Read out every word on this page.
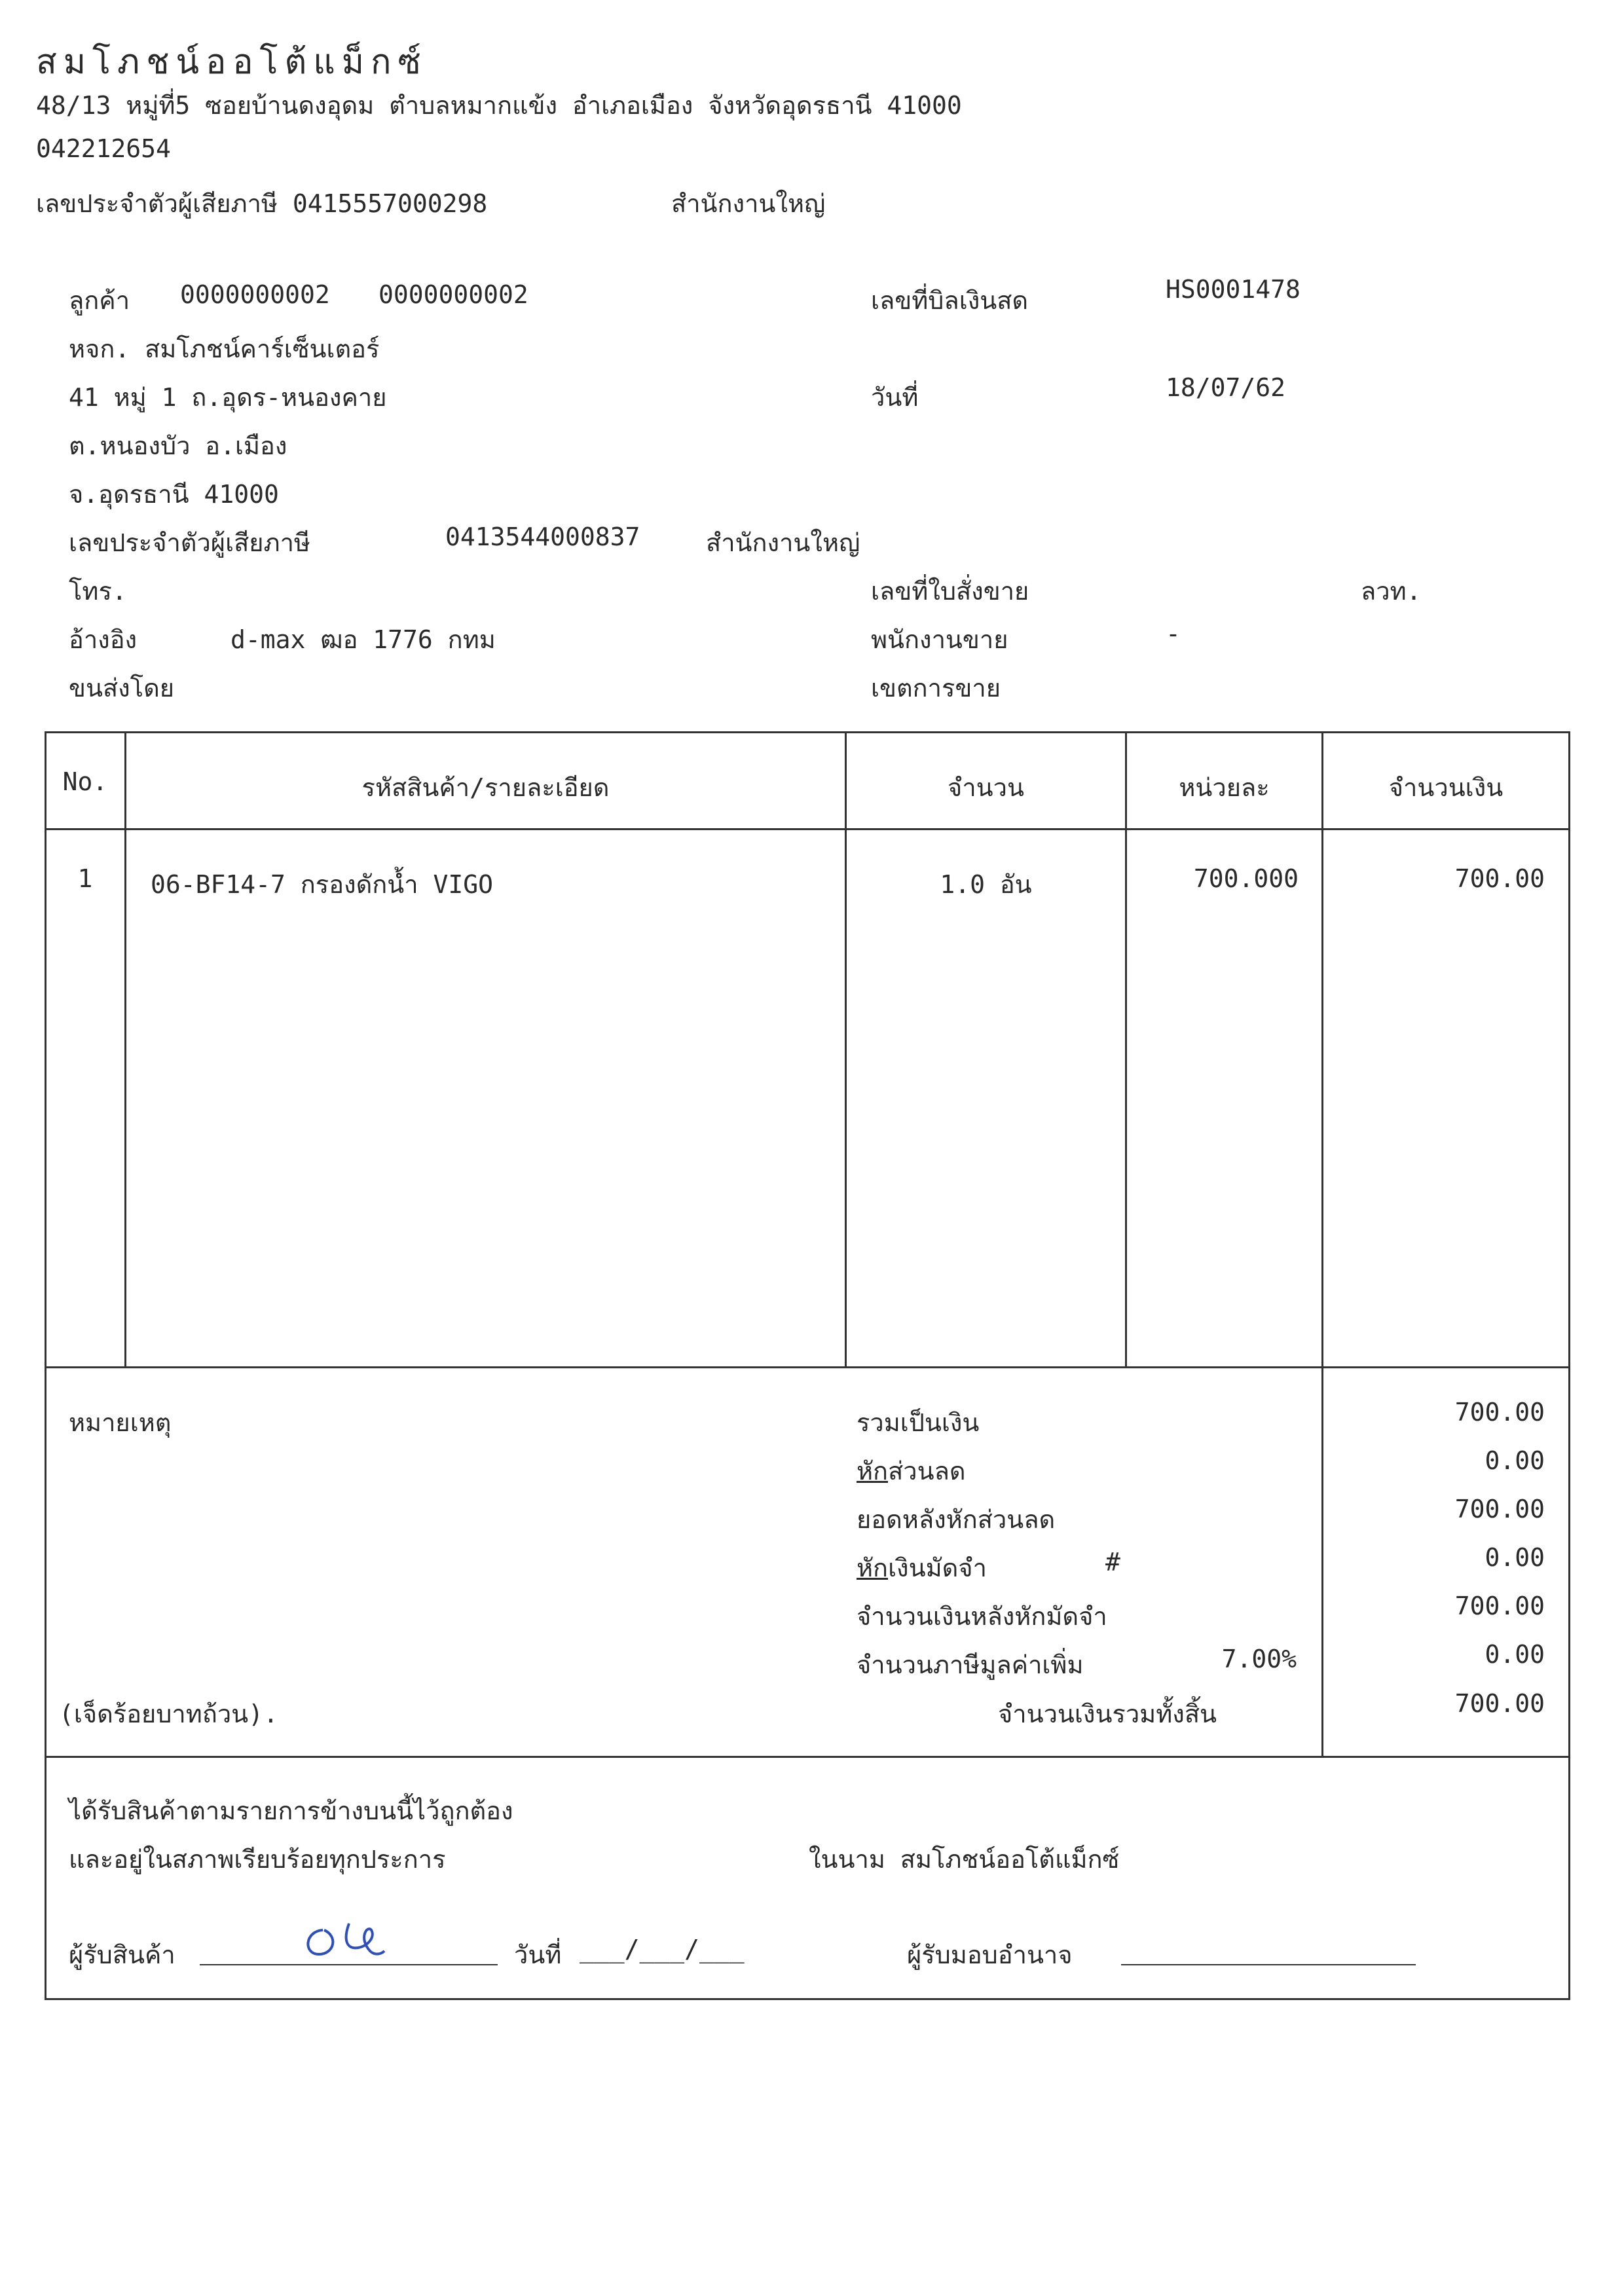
สมโภชน์ออโต้แม็กซ์
48/13 หมู่ที่5 ซอยบ้านดงอุดม ตำบลหมากแข้ง อำเภอเมือง จังหวัดอุดรธานี 41000
042212654
เลขประจำตัวผู้เสียภาษี 0415557000298	สำนักงานใหญ่
ลูกค้า 0000000002 0000000002
หจก. สมโภชน์คาร์เซ็นเตอร์
41 หมู่ 1 ถ.อุดร-หนองคาย
ต.หนองบัว อ.เมือง
จ.อุดรธานี 41000
เลขประจำตัวผู้เสียภาษี	0413544000837	สำนักงานใหญ่
โทร.
อ้างอิง	d-max ฒอ 1776 กทม
ขนส่งโดย
เลขที่บิลเงินสด	HS0001478
วันที่	18/07/62
เลขที่ใบสั่งขาย	ลวท.
พนักงานขาย	-
เขตการขาย
No.	รหัสสินค้า/รายละเอียด	จำนวน	หน่วยละ	จำนวนเงิน
1	06-BF14-7 กรองดักน้ำ VIGO	1.0 อัน	700.000	700.00
หมายเหตุ
(เจ็ดร้อยบาทถ้วน).
รวมเป็นเงิน	700.00
หักส่วนลด	0.00
ยอดหลังหักส่วนลด	700.00
หักเงินมัดจำ	#	0.00
จำนวนเงินหลังหักมัดจำ	700.00
จำนวนภาษีมูลค่าเพิ่ม	7.00%	0.00
จำนวนเงินรวมทั้งสิ้น	700.00
ได้รับสินค้าตามรายการข้างบนนี้ไว้ถูกต้อง
และอยู่ในสภาพเรียบร้อยทุกประการ	ในนาม สมโภชน์ออโต้แม็กซ์
ผู้รับสินค้า	วันที่ ___/___/___	ผู้รับมอบอำนาจ
